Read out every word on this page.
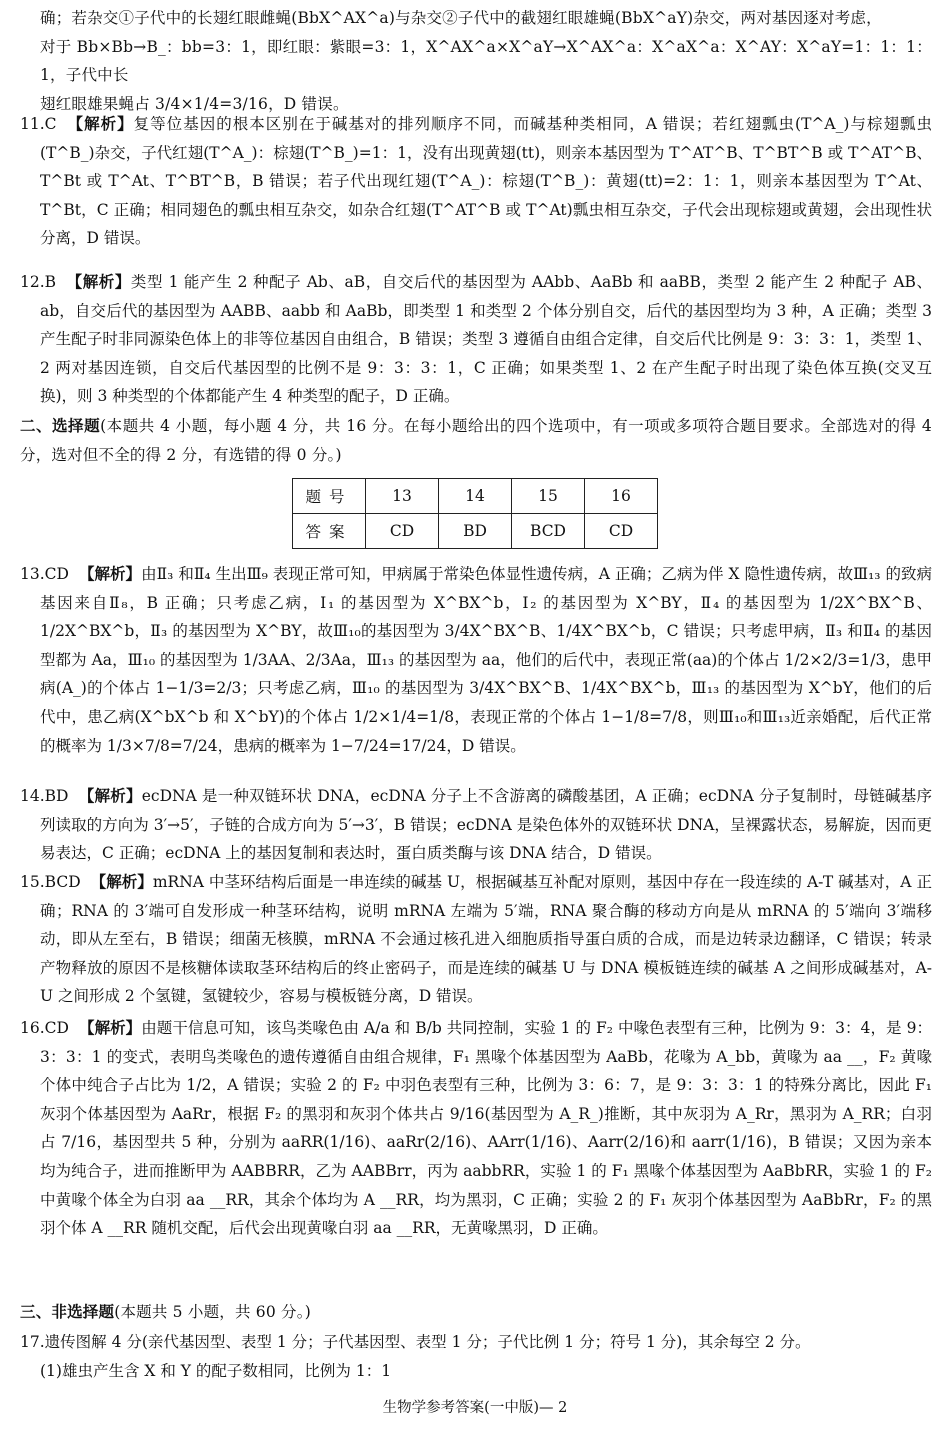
确；若杂交①子代中的长翅红眼雌蝇(BbX^AX^a)与杂交②子代中的截翅红眼雄蝇(BbX^aY)杂交，两对基因逐对考虑，

对于 Bb×Bb→B_：bb=3：1，即红眼：紫眼=3：1，X^AX^a×X^aY→X^AX^a：X^aX^a：X^AY：X^aY=1：1：1：1，子代中长

翅红眼雄果蝇占 3/4×1/4=3/16，D 错误。

11.C 【解析】复等位基因的根本区别在于碱基对的排列顺序不同，而碱基种类相同，A 错误；若红翅瓢虫(T^A_)与棕翅瓢虫(T^B_)杂交，子代红翅(T^A_)：棕翅(T^B_)=1：1，没有出现黄翅(tt)，则亲本基因型为 T^AT^B、T^BT^B 或 T^AT^B、T^Bt 或 T^At、T^BT^B，B 错误；若子代出现红翅(T^A_)：棕翅(T^B_)：黄翅(tt)=2：1：1，则亲本基因型为 T^At、T^Bt，C 正确；相同翅色的瓢虫相互杂交，如杂合红翅(T^AT^B 或 T^At)瓢虫相互杂交，子代会出现棕翅或黄翅，会出现性状分离，D 错误。

12.B 【解析】类型 1 能产生 2 种配子 Ab、aB，自交后代的基因型为 AAbb、AaBb 和 aaBB，类型 2 能产生 2 种配子 AB、ab，自交后代的基因型为 AABB、aabb 和 AaBb，即类型 1 和类型 2 个体分别自交，后代的基因型均为 3 种，A 正确；类型 3 产生配子时非同源染色体上的非等位基因自由组合，B 错误；类型 3 遵循自由组合定律，自交后代比例是 9：3：3：1，类型 1、2 两对基因连锁，自交后代基因型的比例不是 9：3：3：1，C 正确；如果类型 1、2 在产生配子时出现了染色体互换(交叉互换)，则 3 种类型的个体都能产生 4 种类型的配子，D 正确。

二、选择题(本题共 4 小题，每小题 4 分，共 16 分。在每小题给出的四个选项中，有一项或多项符合题目要求。全部选对的得 4 分，选对但不全的得 2 分，有选错的得 0 分。)

题号	13	14	15	16
答案	CD	BD	BCD	CD

13.CD 【解析】由Ⅱ₃ 和Ⅱ₄ 生出Ⅲ₉ 表现正常可知，甲病属于常染色体显性遗传病，A 正确；乙病为伴 X 隐性遗传病，故Ⅲ₁₃ 的致病基因来自Ⅱ₈，B 正确；只考虑乙病，Ⅰ₁ 的基因型为 X^BX^b，Ⅰ₂ 的基因型为 X^BY，Ⅱ₄ 的基因型为 1/2X^BX^B、1/2X^BX^b，Ⅱ₃ 的基因型为 X^BY，故Ⅲ₁₀的基因型为 3/4X^BX^B、1/4X^BX^b，C 错误；只考虑甲病，Ⅱ₃ 和Ⅱ₄ 的基因型都为 Aa，Ⅲ₁₀ 的基因型为 1/3AA、2/3Aa，Ⅲ₁₃ 的基因型为 aa，他们的后代中，表现正常(aa)的个体占 1/2×2/3=1/3，患甲病(A_)的个体占 1−1/3=2/3；只考虑乙病，Ⅲ₁₀ 的基因型为 3/4X^BX^B、1/4X^BX^b，Ⅲ₁₃ 的基因型为 X^bY，他们的后代中，患乙病(X^bX^b 和 X^bY)的个体占 1/2×1/4=1/8，表现正常的个体占 1−1/8=7/8，则Ⅲ₁₀和Ⅲ₁₃近亲婚配，后代正常的概率为 1/3×7/8=7/24，患病的概率为 1−7/24=17/24，D 错误。

14.BD 【解析】ecDNA 是一种双链环状 DNA，ecDNA 分子上不含游离的磷酸基团，A 正确；ecDNA 分子复制时，母链碱基序列读取的方向为 3′→5′，子链的合成方向为 5′→3′，B 错误；ecDNA 是染色体外的双链环状 DNA，呈裸露状态，易解旋，因而更易表达，C 正确；ecDNA 上的基因复制和表达时，蛋白质类酶与该 DNA 结合，D 错误。

15.BCD 【解析】mRNA 中茎环结构后面是一串连续的碱基 U，根据碱基互补配对原则，基因中存在一段连续的 A-T 碱基对，A 正确；RNA 的 3′端可自发形成一种茎环结构，说明 mRNA 左端为 5′端，RNA 聚合酶的移动方向是从 mRNA 的 5′端向 3′端移动，即从左至右，B 错误；细菌无核膜，mRNA 不会通过核孔进入细胞质指导蛋白质的合成，而是边转录边翻译，C 错误；转录产物释放的原因不是核糖体读取茎环结构后的终止密码子，而是连续的碱基 U 与 DNA 模板链连续的碱基 A 之间形成碱基对，A-U 之间形成 2 个氢键，氢键较少，容易与模板链分离，D 错误。

16.CD 【解析】由题干信息可知，该鸟类喙色由 A/a 和 B/b 共同控制，实验 1 的 F₂ 中喙色表型有三种，比例为 9：3：4，是 9：3：3：1 的变式，表明鸟类喙色的遗传遵循自由组合规律，F₁ 黑喙个体基因型为 AaBb，花喙为 A_bb，黄喙为 aa __，F₂ 黄喙个体中纯合子占比为 1/2，A 错误；实验 2 的 F₂ 中羽色表型有三种，比例为 3：6：7，是 9：3：3：1 的特殊分离比，因此 F₁ 灰羽个体基因型为 AaRr，根据 F₂ 的黑羽和灰羽个体共占 9/16(基因型为 A_R_)推断，其中灰羽为 A_Rr，黑羽为 A_RR；白羽占 7/16，基因型共 5 种，分别为 aaRR(1/16)、aaRr(2/16)、AArr(1/16)、Aarr(2/16)和 aarr(1/16)，B 错误；又因为亲本均为纯合子，进而推断甲为 AABBRR，乙为 AABBrr，丙为 aabbRR，实验 1 的 F₁ 黑喙个体基因型为 AaBbRR，实验 1 的 F₂ 中黄喙个体全为白羽 aa __RR，其余个体均为 A __RR，均为黑羽，C 正确；实验 2 的 F₁ 灰羽个体基因型为 AaBbRr，F₂ 的黑羽个体 A __RR 随机交配，后代会出现黄喙白羽 aa __RR，无黄喙黑羽，D 正确。

三、非选择题(本题共 5 小题，共 60 分。)

17.遗传图解 4 分(亲代基因型、表型 1 分；子代基因型、表型 1 分；子代比例 1 分；符号 1 分)，其余每空 2 分。

(1)雄虫产生含 X 和 Y 的配子数相同，比例为 1：1

生物学参考答案(一中版)— 2
